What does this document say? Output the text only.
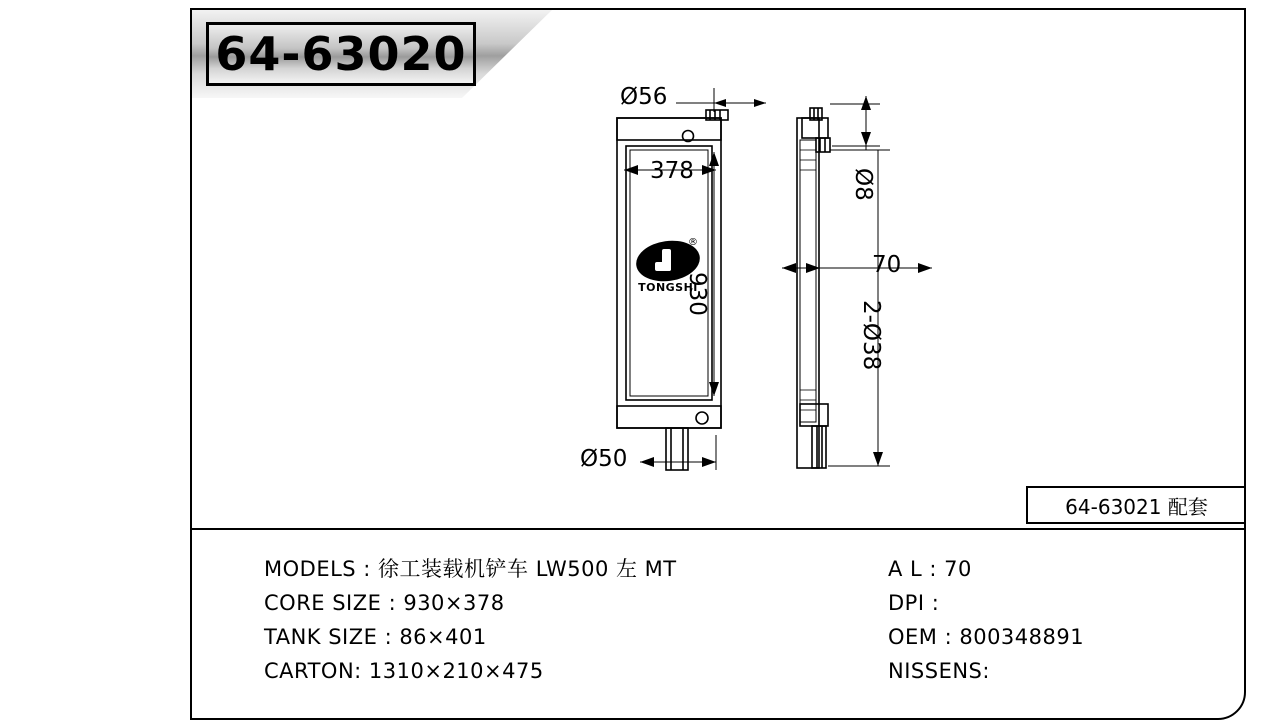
64-63020
Ø56
378
930
Ø50
Ø8
70
2-Ø38
®
TONGSHI
64-63021 配套
MODELS : 徐工装载机铲车 LW500 左 MT
CORE SIZE : 930×378
TANK SIZE : 86×401
CARTON: 1310×210×475
A L : 70
DPI :
OEM : 800348891
NISSENS:
